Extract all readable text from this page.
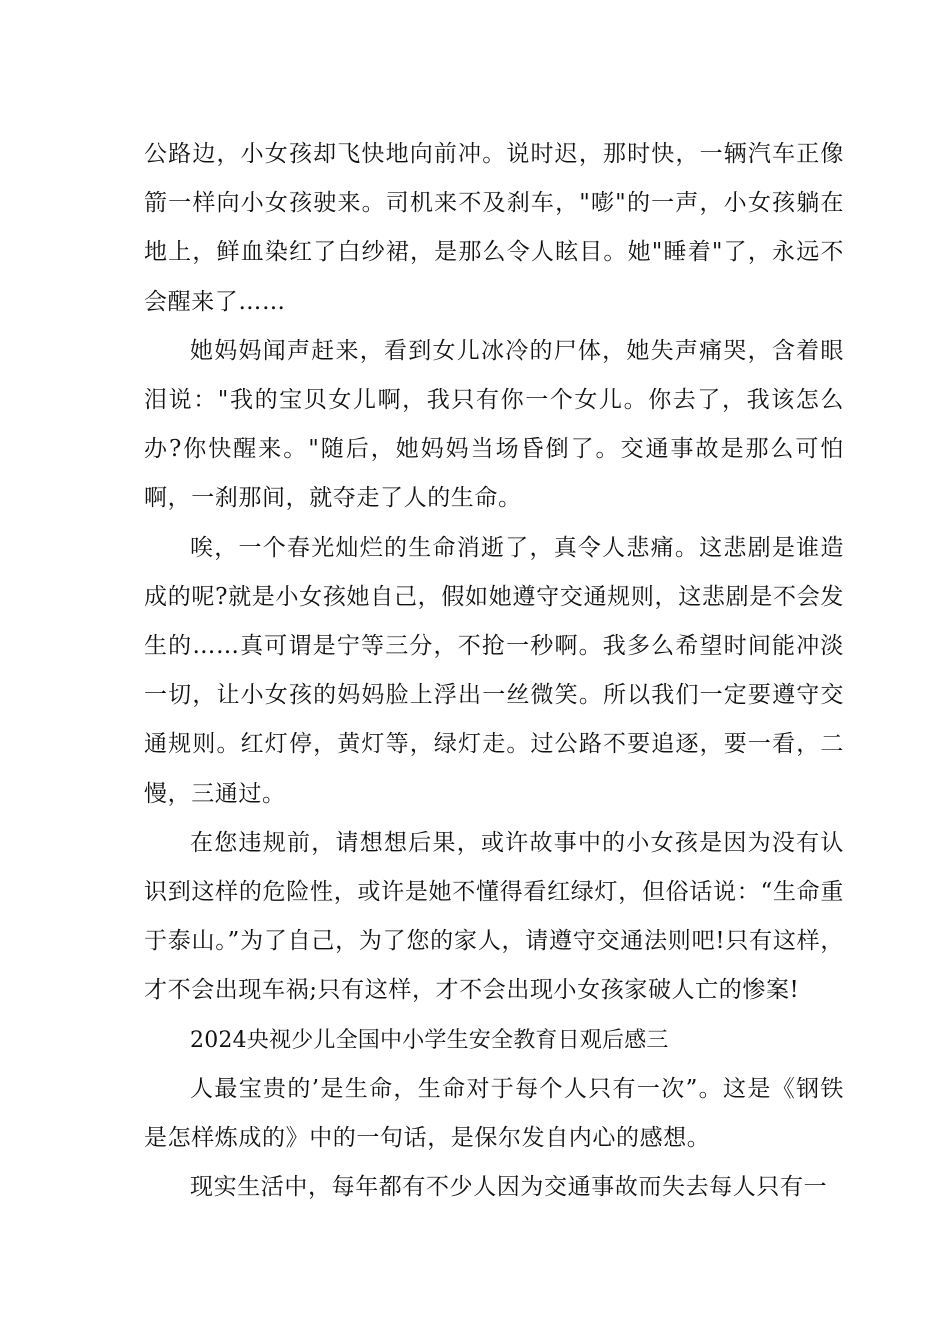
公路边，小女孩却飞快地向前冲。说时迟，那时快，一辆汽车正像箭一样向小女孩驶来。司机来不及刹车，"嘭"的一声，小女孩躺在地上，鲜血染红了白纱裙，是那么令人眩目。她"睡着"了，永远不会醒来了……

她妈妈闻声赶来，看到女儿冰冷的尸体，她失声痛哭，含着眼泪说："我的宝贝女儿啊，我只有你一个女儿。你去了，我该怎么办?你快醒来。"随后，她妈妈当场昏倒了。交通事故是那么可怕啊，一刹那间，就夺走了人的生命。

唉，一个春光灿烂的生命消逝了，真令人悲痛。这悲剧是谁造成的呢?就是小女孩她自己，假如她遵守交通规则，这悲剧是不会发生的……真可谓是宁等三分，不抢一秒啊。我多么希望时间能冲淡一切，让小女孩的妈妈脸上浮出一丝微笑。所以我们一定要遵守交通规则。红灯停，黄灯等，绿灯走。过公路不要追逐，要一看，二慢，三通过。

在您违规前，请想想后果，或许故事中的小女孩是因为没有认识到这样的危险性，或许是她不懂得看红绿灯，但俗话说：“生命重于泰山。”为了自己，为了您的家人，请遵守交通法则吧!只有这样，才不会出现车祸;只有这样，才不会出现小女孩家破人亡的惨案!

2024央视少儿全国中小学生安全教育日观后感三

人最宝贵的’是生命，生命对于每个人只有一次”。这是《钢铁是怎样炼成的》中的一句话，是保尔发自内心的感想。

现实生活中，每年都有不少人因为交通事故而失去每人只有一
